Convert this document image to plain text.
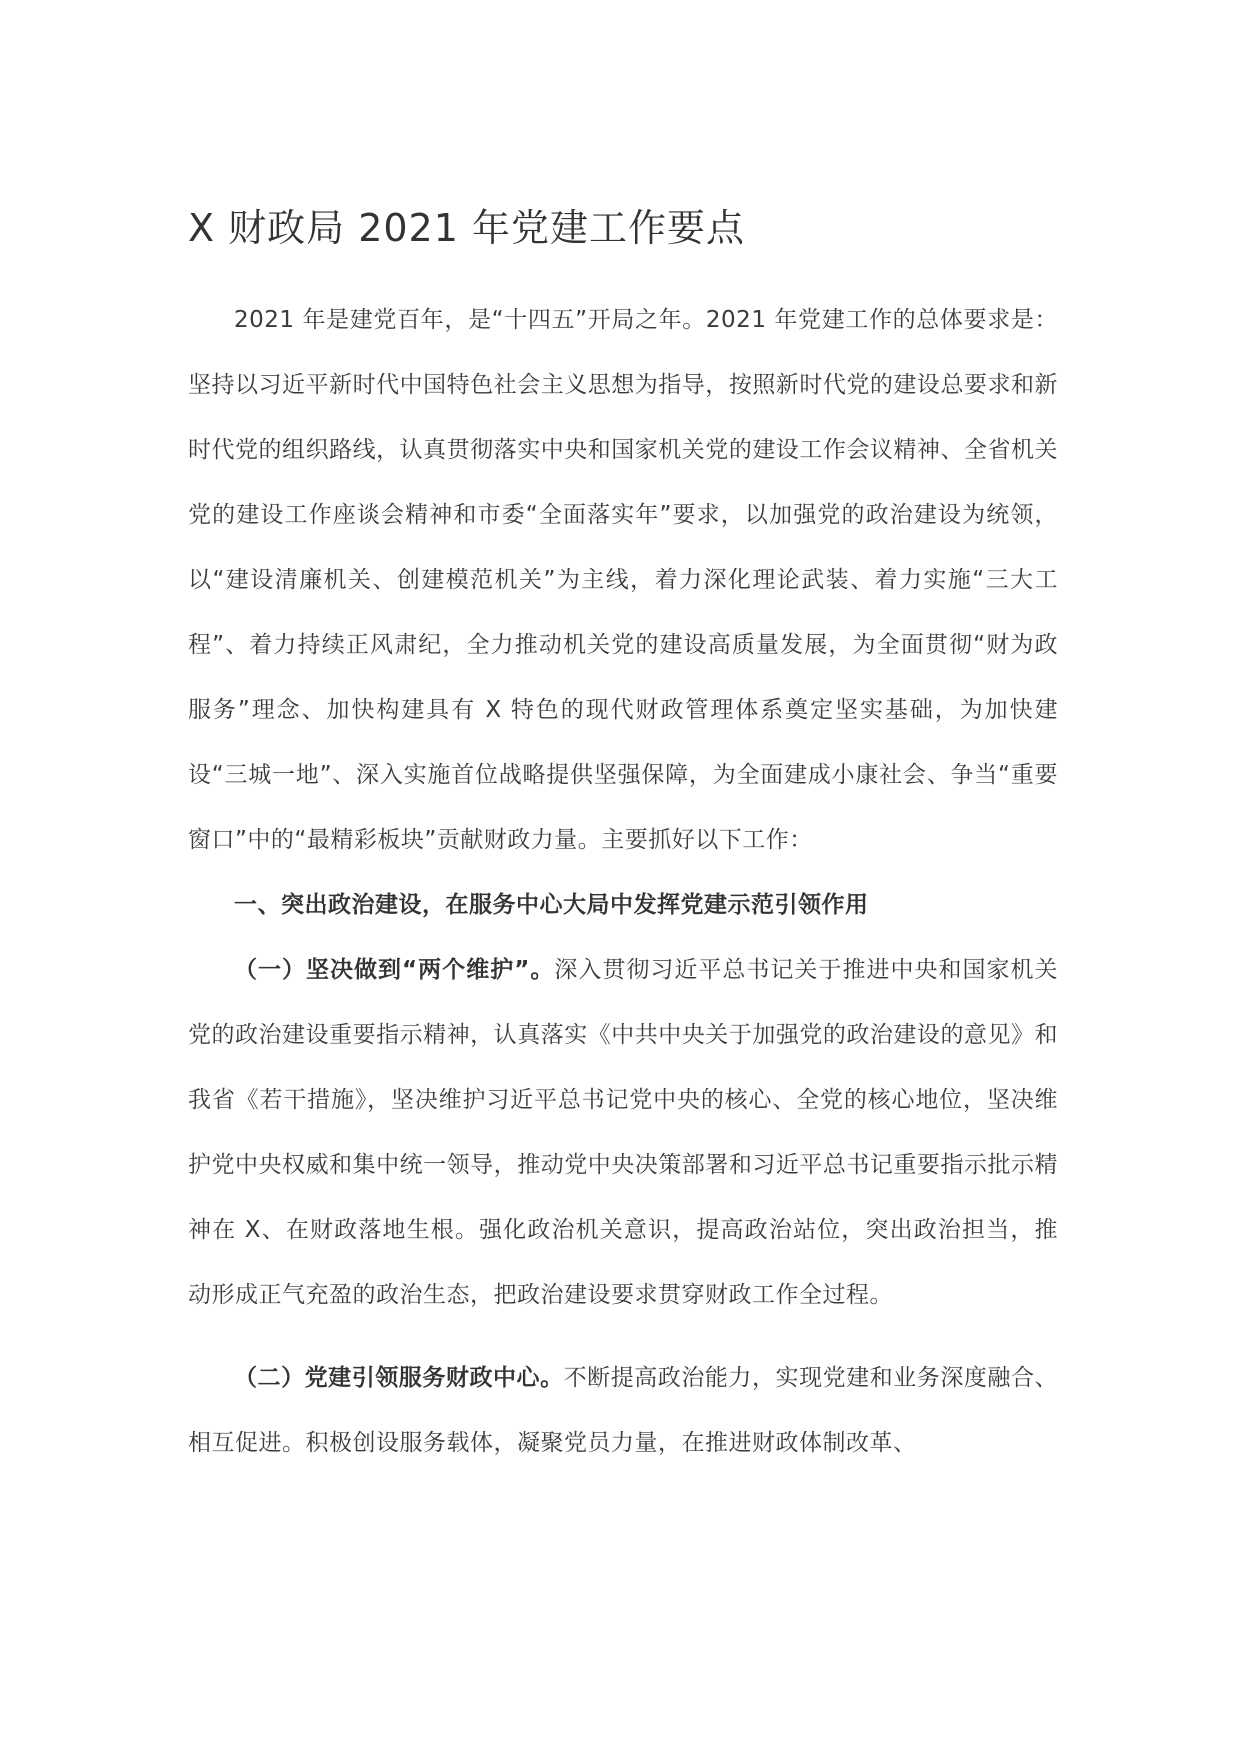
X 财政局 2021 年党建工作要点

2021 年是建党百年，是“十四五”开局之年。2021 年党建工作的总体要求是：坚持以习近平新时代中国特色社会主义思想为指导，按照新时代党的建设总要求和新时代党的组织路线，认真贯彻落实中央和国家机关党的建设工作会议精神、全省机关党的建设工作座谈会精神和市委“全面落实年”要求，以加强党的政治建设为统领，以“建设清廉机关、创建模范机关”为主线，着力深化理论武装、着力实施“三大工程”、着力持续正风肃纪，全力推动机关党的建设高质量发展，为全面贯彻“财为政服务”理念、加快构建具有 X 特色的现代财政管理体系奠定坚实基础，为加快建设“三城一地”、深入实施首位战略提供坚强保障，为全面建成小康社会、争当“重要窗口”中的“最精彩板块”贡献财政力量。主要抓好以下工作：

一、突出政治建设，在服务中心大局中发挥党建示范引领作用

（一）坚决做到“两个维护”。深入贯彻习近平总书记关于推进中央和国家机关党的政治建设重要指示精神，认真落实《中共中央关于加强党的政治建设的意见》和我省《若干措施》，坚决维护习近平总书记党中央的核心、全党的核心地位，坚决维护党中央权威和集中统一领导，推动党中央决策部署和习近平总书记重要指示批示精神在 X、在财政落地生根。强化政治机关意识，提高政治站位，突出政治担当，推动形成正气充盈的政治生态，把政治建设要求贯穿财政工作全过程。

（二）党建引领服务财政中心。不断提高政治能力，实现党建和业务深度融合、相互促进。积极创设服务载体，凝聚党员力量，在推进财政体制改革、
